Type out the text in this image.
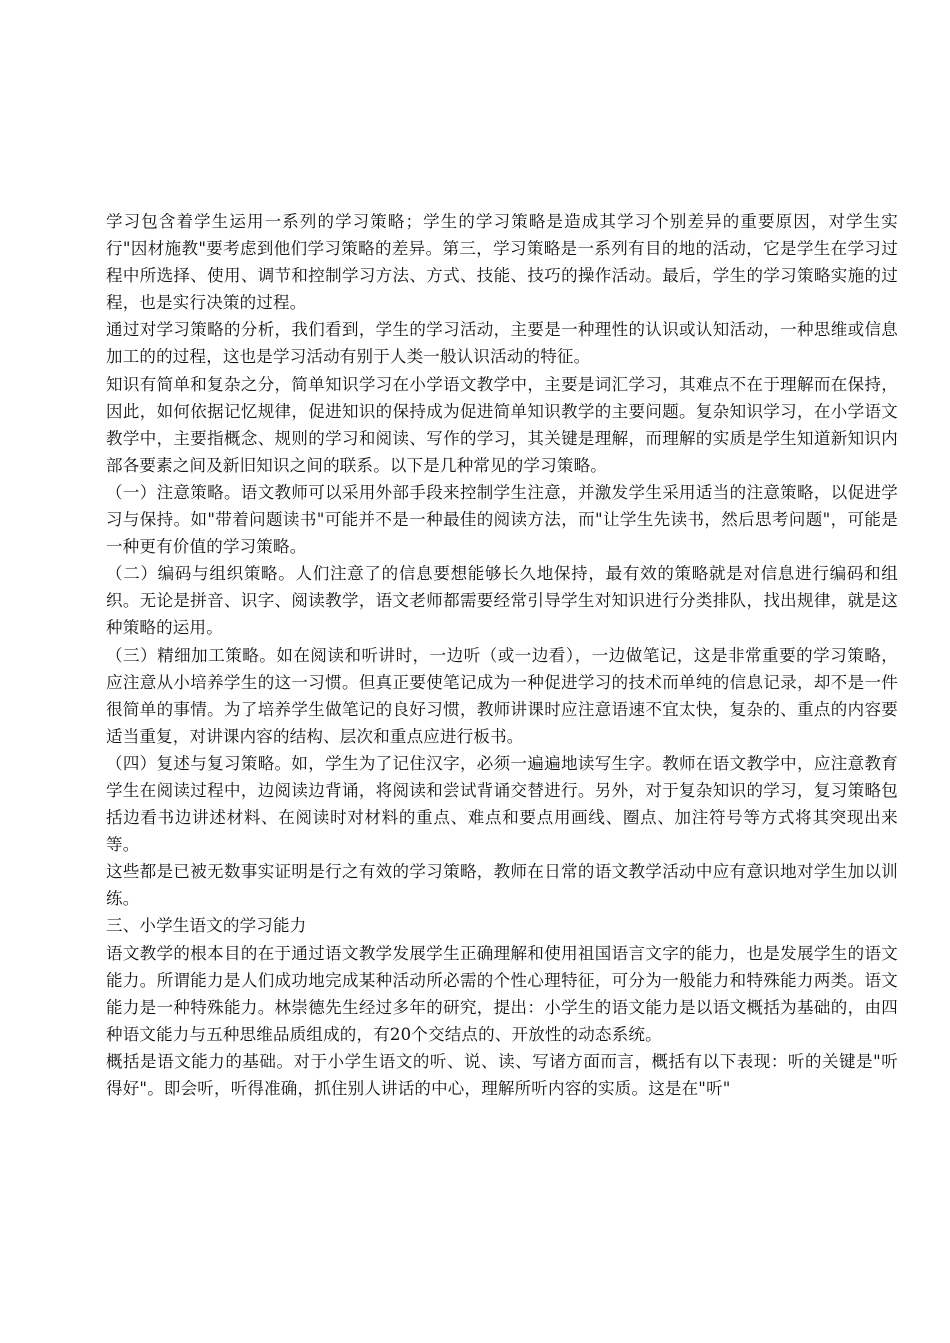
学习包含着学生运用一系列的学习策略；学生的学习策略是造成其学习个别差异的重要原因，对学生实行"因材施教"要考虑到他们学习策略的差异。第三，学习策略是一系列有目的地的活动，它是学生在学习过程中所选择、使用、调节和控制学习方法、方式、技能、技巧的操作活动。最后，学生的学习策略实施的过程，也是实行决策的过程。

通过对学习策略的分析，我们看到，学生的学习活动，主要是一种理性的认识或认知活动，一种思维或信息加工的的过程，这也是学习活动有别于人类一般认识活动的特征。

知识有简单和复杂之分，简单知识学习在小学语文教学中，主要是词汇学习，其难点不在于理解而在保持，因此，如何依据记忆规律，促进知识的保持成为促进简单知识教学的主要问题。复杂知识学习，在小学语文教学中，主要指概念、规则的学习和阅读、写作的学习，其关键是理解，而理解的实质是学生知道新知识内部各要素之间及新旧知识之间的联系。以下是几种常见的学习策略。

（一）注意策略。语文教师可以采用外部手段来控制学生注意，并激发学生采用适当的注意策略，以促进学习与保持。如"带着问题读书"可能并不是一种最佳的阅读方法，而"让学生先读书，然后思考问题"，可能是一种更有价值的学习策略。

（二）编码与组织策略。人们注意了的信息要想能够长久地保持，最有效的策略就是对信息进行编码和组织。无论是拼音、识字、阅读教学，语文老师都需要经常引导学生对知识进行分类排队，找出规律，就是这种策略的运用。

（三）精细加工策略。如在阅读和听讲时，一边听（或一边看），一边做笔记，这是非常重要的学习策略，应注意从小培养学生的这一习惯。但真正要使笔记成为一种促进学习的技术而单纯的信息记录，却不是一件很简单的事情。为了培养学生做笔记的良好习惯，教师讲课时应注意语速不宜太快，复杂的、重点的内容要适当重复，对讲课内容的结构、层次和重点应进行板书。

（四）复述与复习策略。如，学生为了记住汉字，必须一遍遍地读写生字。教师在语文教学中，应注意教育学生在阅读过程中，边阅读边背诵，将阅读和尝试背诵交替进行。另外，对于复杂知识的学习，复习策略包括边看书边讲述材料、在阅读时对材料的重点、难点和要点用画线、圈点、加注符号等方式将其突现出来等。

这些都是已被无数事实证明是行之有效的学习策略，教师在日常的语文教学活动中应有意识地对学生加以训练。

三、小学生语文的学习能力

语文教学的根本目的在于通过语文教学发展学生正确理解和使用祖国语言文字的能力，也是发展学生的语文能力。所谓能力是人们成功地完成某种活动所必需的个性心理特征，可分为一般能力和特殊能力两类。语文能力是一种特殊能力。林崇德先生经过多年的研究，提出：小学生的语文能力是以语文概括为基础的，由四种语文能力与五种思维品质组成的，有20个交结点的、开放性的动态系统。

概括是语文能力的基础。对于小学生语文的听、说、读、写诸方面而言，概括有以下表现：听的关键是"听得好"。即会听，听得准确，抓住别人讲话的中心，理解所听内容的实质。这是在"听"
